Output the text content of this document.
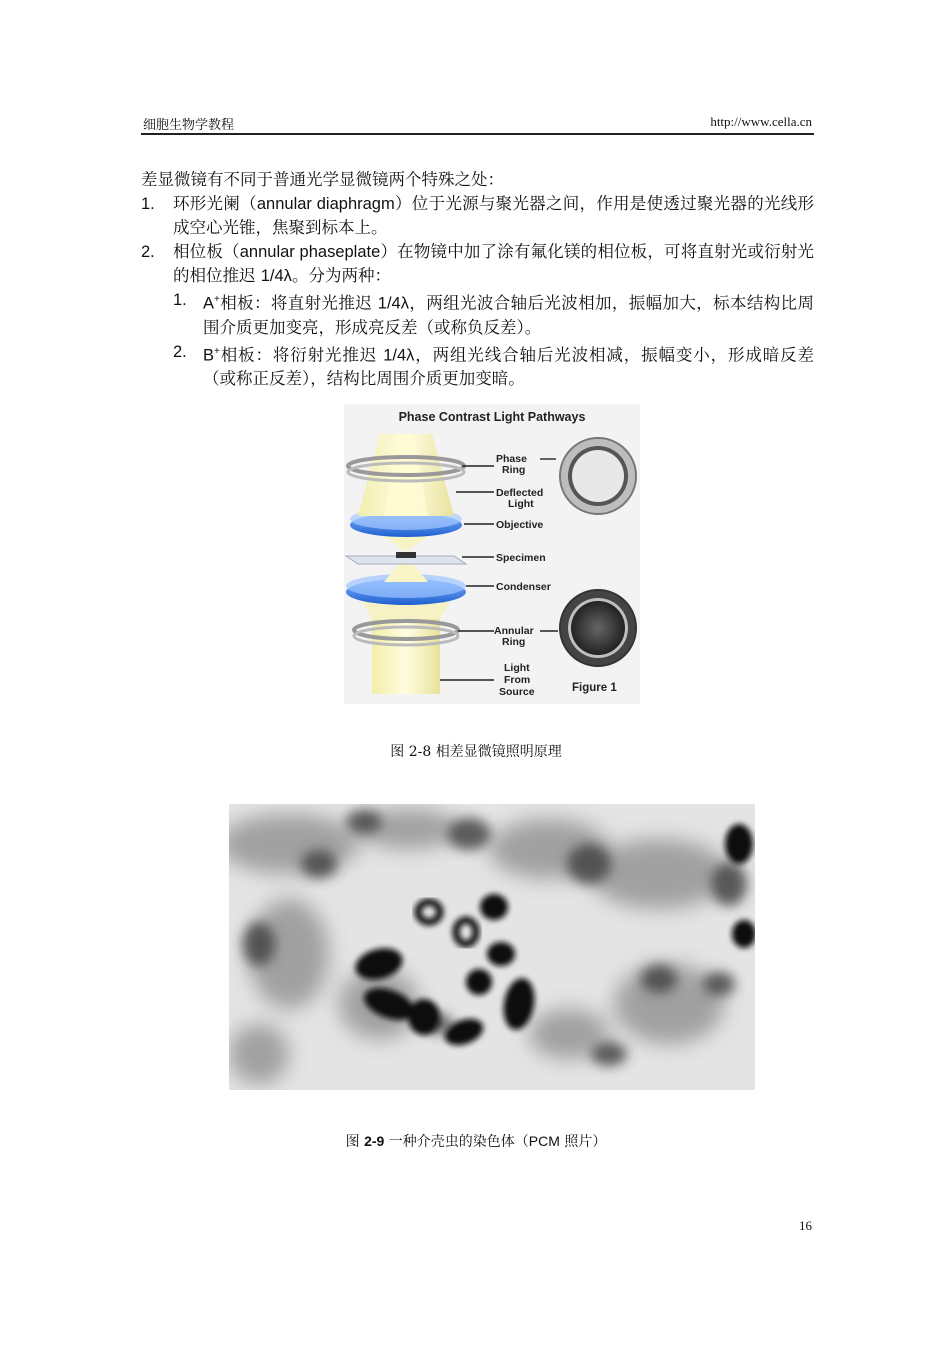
细胞生物学教程	http://www.cella.cn

差显微镜有不同于普通光学显微镜两个特殊之处：

1. 环形光阑（annular diaphragm）位于光源与聚光器之间，作用是使透过聚光器的光线形成空心光锥，焦聚到标本上。

2. 相位板（annular phaseplate）在物镜中加了涂有氟化镁的相位板，可将直射光或衍射光的相位推迟 1/4λ。分为两种：

1. A+相板：将直射光推迟 1/4λ，两组光波合轴后光波相加，振幅加大，标本结构比周围介质更加变亮，形成亮反差（或称负反差）。

2. B+相板：将衍射光推迟 1/4λ，两组光线合轴后光波相减，振幅变小，形成暗反差（或称正反差），结构比周围介质更加变暗。

Phase Contrast Light Pathways
Phase
Ring
Deflected
Light
Objective
Specimen
Condenser
Annular
Ring
Light
From
Source	Figure 1
图 2-8 相差显微镜照明原理
图 2-9 一种介壳虫的染色体（PCM 照片）
16
